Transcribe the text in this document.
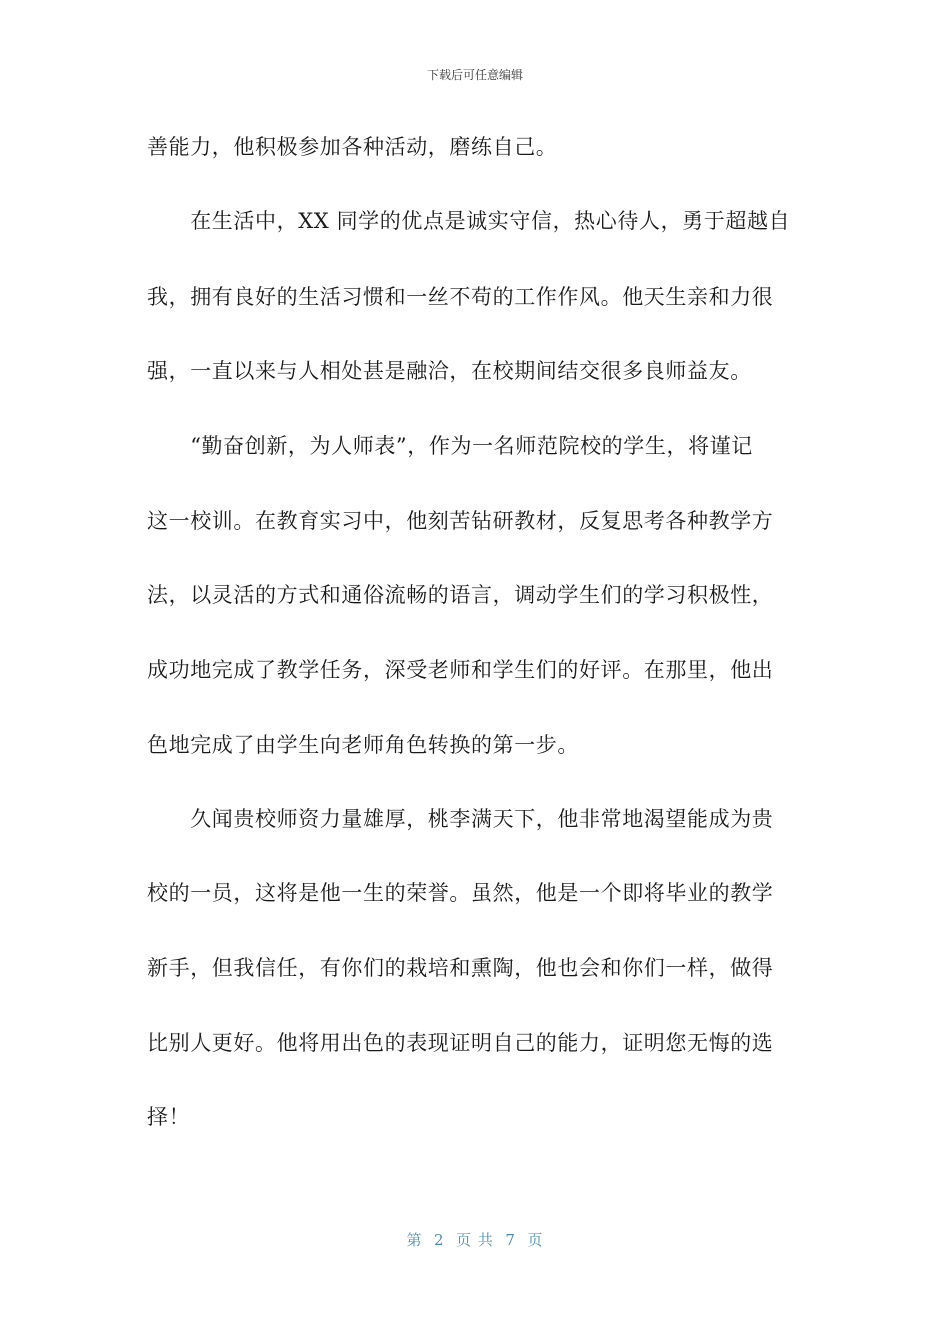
下载后可任意编辑
善能力，他积极参加各种活动，磨练自己。
　　在生活中，XX 同学的优点是诚实守信，热心待人，勇于超越自
我，拥有良好的生活习惯和一丝不苟的工作作风。他天生亲和力很
强，一直以来与人相处甚是融洽，在校期间结交很多良师益友。
　　“勤奋创新，为人师表”，作为一名师范院校的学生，将谨记
这一校训。在教育实习中，他刻苦钻研教材，反复思考各种教学方
法，以灵活的方式和通俗流畅的语言，调动学生们的学习积极性，
成功地完成了教学任务，深受老师和学生们的好评。在那里，他出
色地完成了由学生向老师角色转换的第一步。
　　久闻贵校师资力量雄厚，桃李满天下，他非常地渴望能成为贵
校的一员，这将是他一生的荣誉。虽然，他是一个即将毕业的教学
新手，但我信任，有你们的栽培和熏陶，他也会和你们一样，做得
比别人更好。他将用出色的表现证明自己的能力，证明您无悔的选
择！
第  2  页 共  7  页
